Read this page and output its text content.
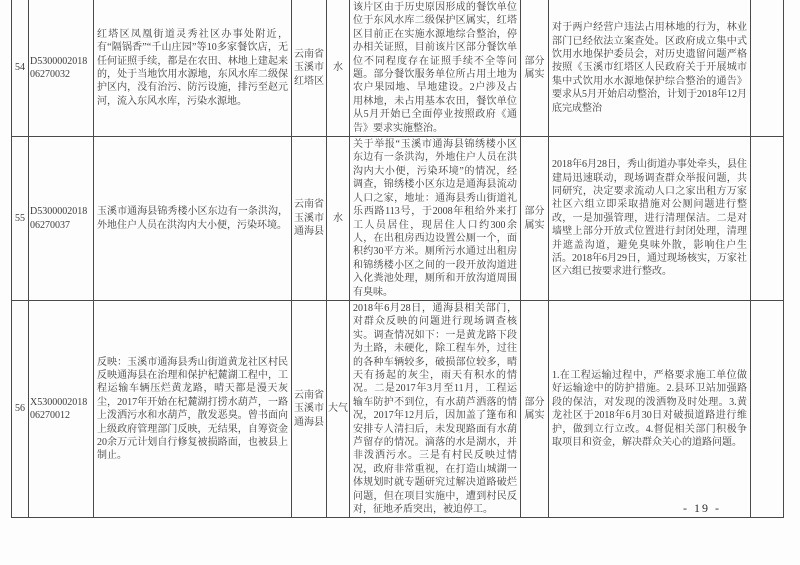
54	D530000201806270032	红塔区凤凰街道灵秀社区办事处附近，有“隔锅香”“千山庄园”等10多家餐饮店，无任何证照手续，都是在农田、林地上建起来的，处于当地饮用水源地，东风水库二级保护区内，没有治污、防污设施，排污至赵元河，流入东风水库，污染水源地。	云南省玉溪市红塔区	水	该片区由于历史原因形成的餐饮单位位于东风水库二级保护区属实，红塔区目前正在实施水源地综合整治，停办相关证照，目前该片区部分餐饮单位不同程度存在证照手续不全等问题。部分餐饮服务单位所占用土地为农户果园地、旱地建设。2户涉及占用林地，未占用基本农田，餐饮单位从5月开始已全面停业按照政府《通告》要求实施整治。	部分属实	对于两户经营户违法占用林地的行为，林业部门已经依法立案查处。区政府成立集中式饮用水地保护委员会，对历史遗留问题严格按照《玉溪市红塔区人民政府关于开展城市集中式饮用水水源地保护综合整治的通告》要求从5月开始启动整治，计划于2018年12月底完成整治	
55	D530000201806270037	玉溪市通海县锦秀楼小区东边有一条洪沟，外地住户人员在洪沟内大小便，污染环境。	云南省玉溪市通海县	水	关于举报“玉溪市通海县锦绣楼小区东边有一条洪沟，外地住户人员在洪沟内大小便，污染环境”的情况，经调查，锦绣楼小区东边是通海县流动人口之家，地址：通海县秀山街道礼乐西路113号，于2008年租给外来打工人员居住，现居住人口约300余人，在出租房西边设置公厕一个，面积约30平方米。厕所污水通过出租房和锦绣楼小区之间的一段开放沟道进入化粪池处理，厕所和开放沟道周围有臭味。	部分属实	2018年6月28日，秀山街道办事处牵头，县住建局迅速联动，现场调查群众举报问题，共同研究，决定要求流动人口之家出租方万家社区六组立即采取措施对公厕问题进行整改，一是加强管理，进行清理保洁。二是对墙壁上部分开放式位置进行封闭处理，清理并遮盖沟道，避免臭味外散，影响住户生活。2018年6月29日，通过现场核实，万家社区六组已按要求进行整改。	
56	X530000201806270012	反映：玉溪市通海县秀山街道黄龙社区村民反映通海县在治理和保护杞麓湖工程中，工程运输车辆压烂黄龙路，晴天都是漫天灰尘，2017年开始在杞麓湖打捞水葫芦，一路上泼洒污水和水葫芦，散发恶臭。曾书面向上级政府管理部门反映，无结果，自筹资金20余万元计划自行修复被损路面，也被县上制止。	云南省玉溪市通海县	大气	2018年6月28日，通海县相关部门，对群众反映的问题进行现场调查核实。调查情况如下：一是黄龙路下段为土路，未硬化，除工程车外，过往的各种车辆较多，破损部位较多，晴天有扬起的灰尘，雨天有积水的情况。二是2017年3月至11月，工程运输车防护不到位，有水葫芦洒落的情况，2017年12月后，因加盖了篷布和安排专人清扫后，未发现路面有水葫芦留存的情况。滴落的水是湖水，并非泼洒污水。三是有村民反映过情况，政府非常重视，在打造山城湖一体规划时就专题研究过解决道路破烂问题，但在项目实施中，遭到村民反对，征地矛盾突出，被迫停工。	部分属实	1.在工程运输过程中，严格要求施工单位做好运输途中的防护措施。2.县环卫站加强路段的保洁，对发现的泼洒物及时处理。3.黄龙社区于2018年6月30日对破损道路进行维护，做到立行立改。4.督促相关部门积极争取项目和资金，解决群众关心的道路问题。	
- 19 -
